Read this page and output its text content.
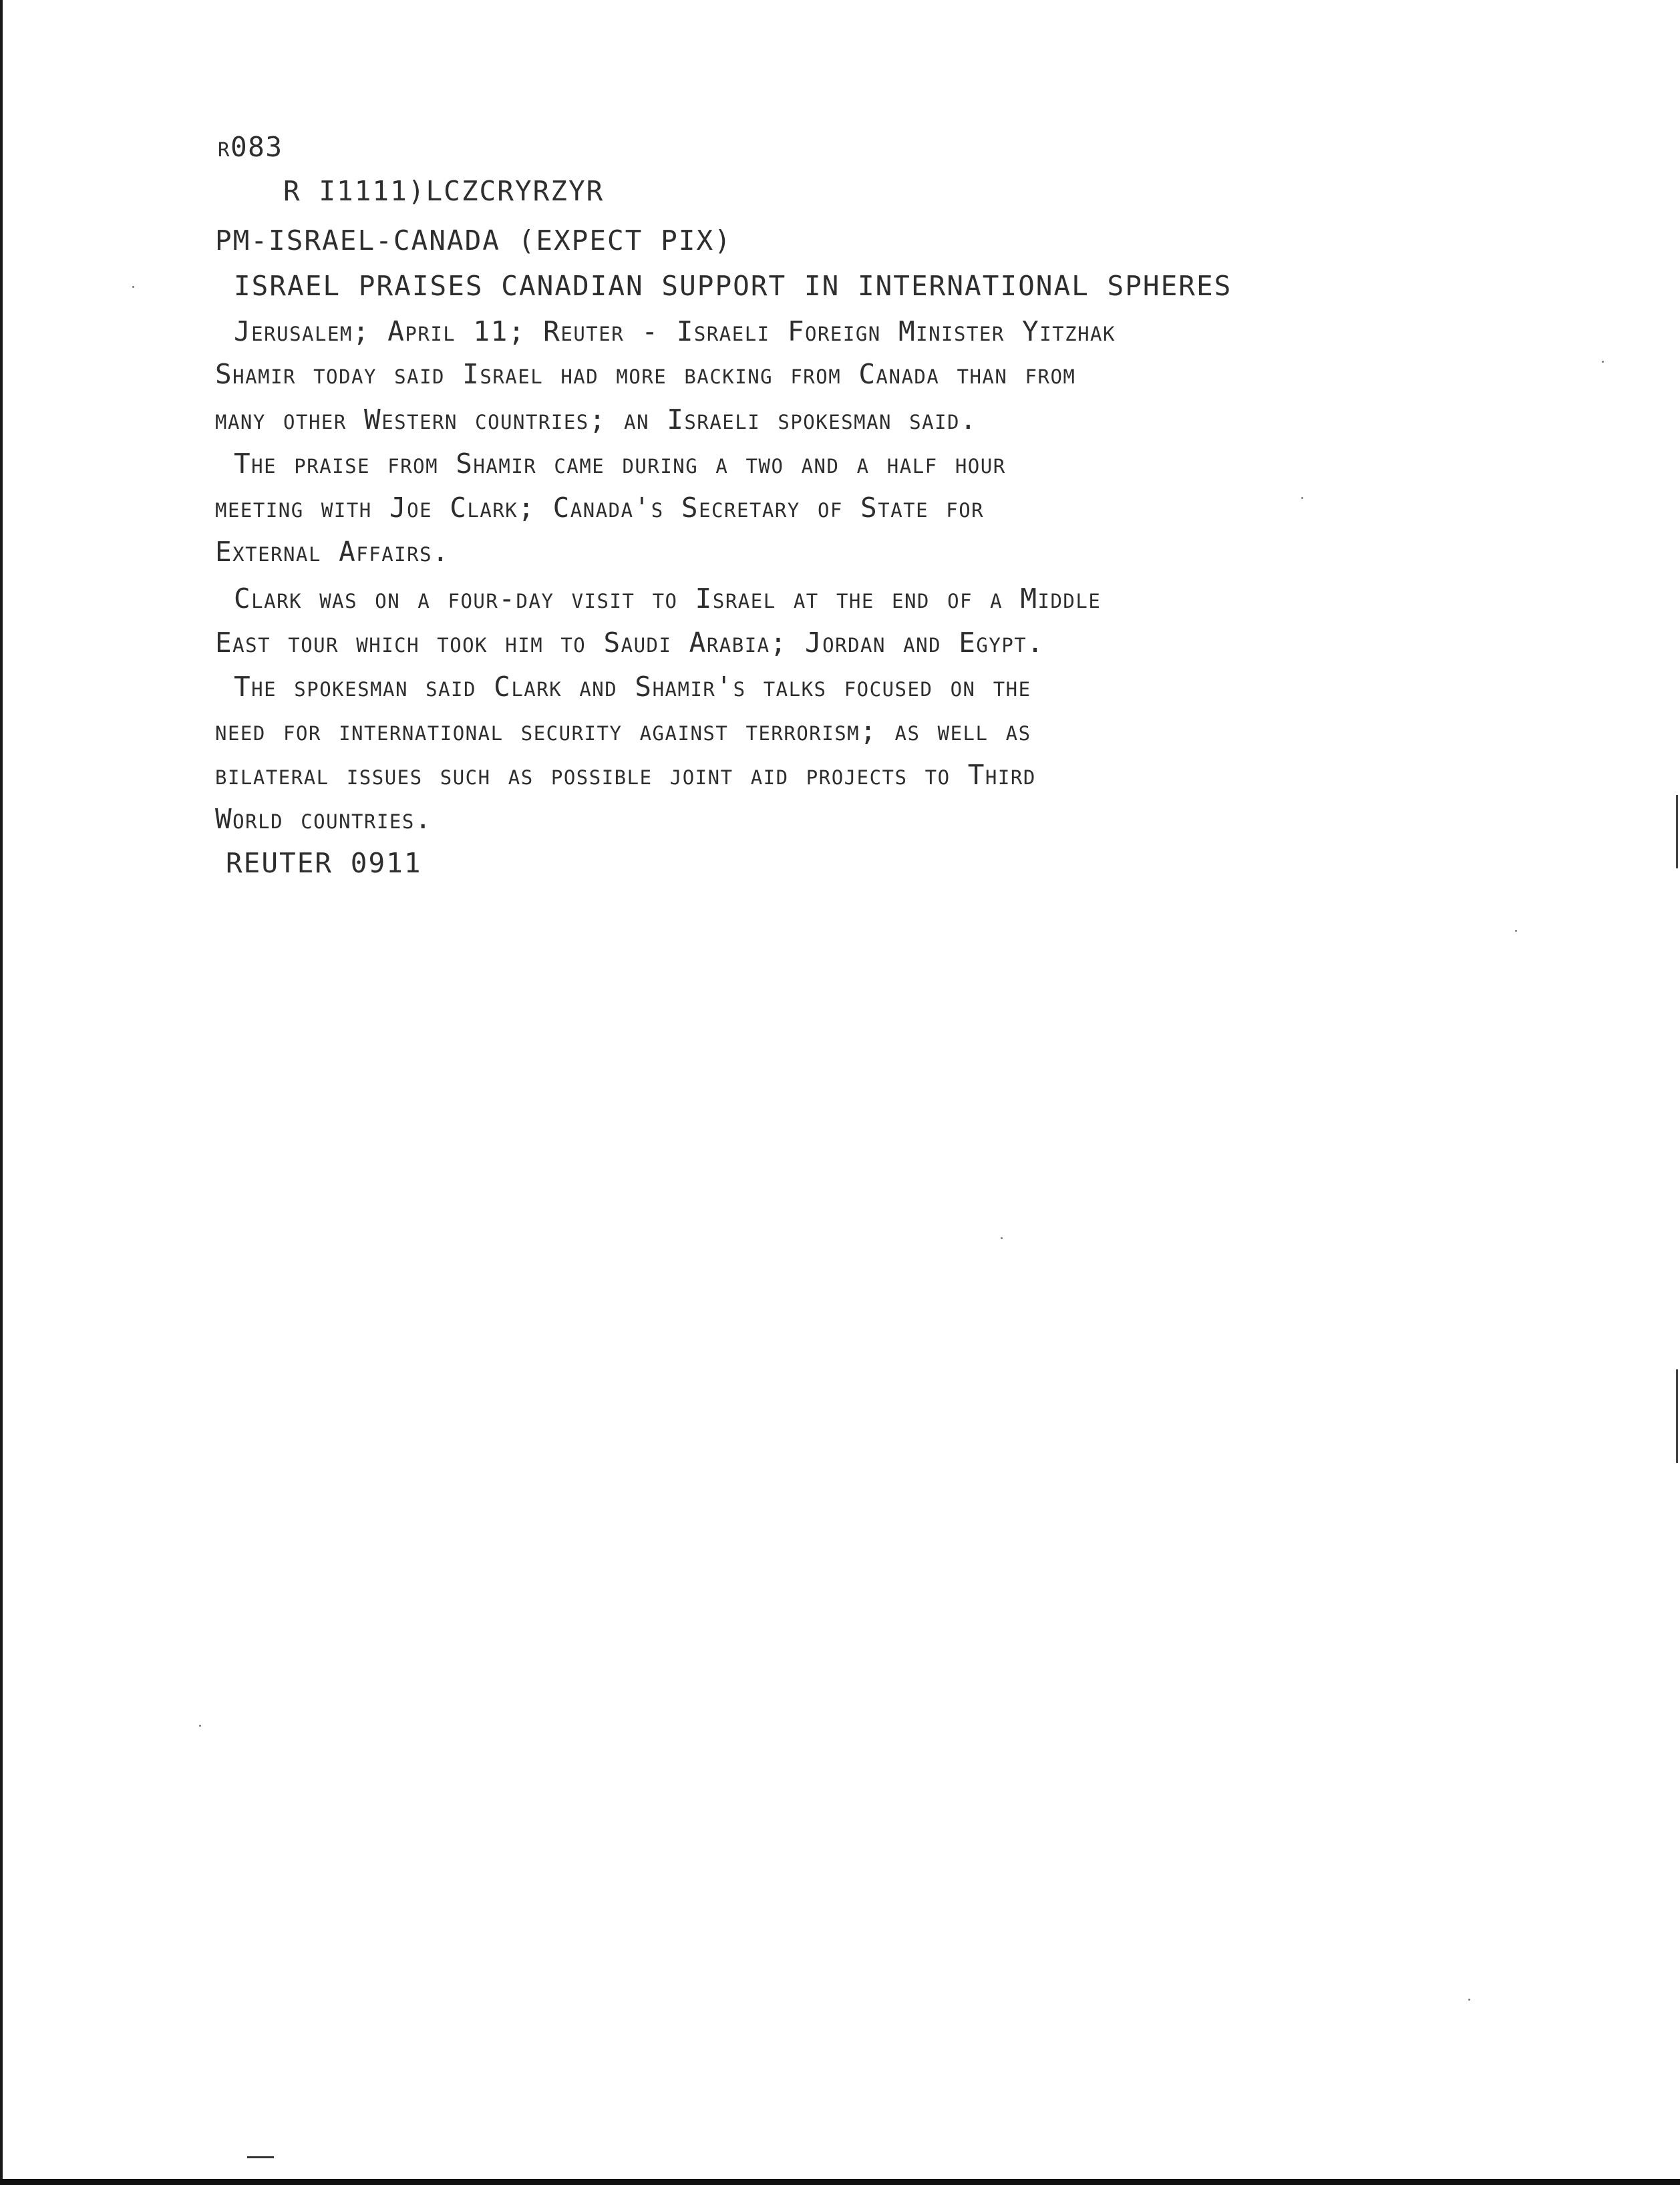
r083
R I1111)LCZCRYRZYR
PM-ISRAEL-CANADA (EXPECT PIX)
ISRAEL PRAISES CANADIAN SUPPORT IN INTERNATIONAL SPHERES
Jerusalem; April 11; Reuter - Israeli Foreign Minister Yitzhak
Shamir today said Israel had more backing from Canada than from
many other Western countries; an Israeli spokesman said.
The praise from Shamir came during a two and a half hour
meeting with Joe Clark; Canada's Secretary of State for
External Affairs.
Clark was on a four-day visit to Israel at the end of a Middle
East tour which took him to Saudi Arabia; Jordan and Egypt.
The spokesman said Clark and Shamir's talks focused on the
need for international security against terrorism; as well as
bilateral issues such as possible joint aid projects to Third
World countries.
REUTER 0911
